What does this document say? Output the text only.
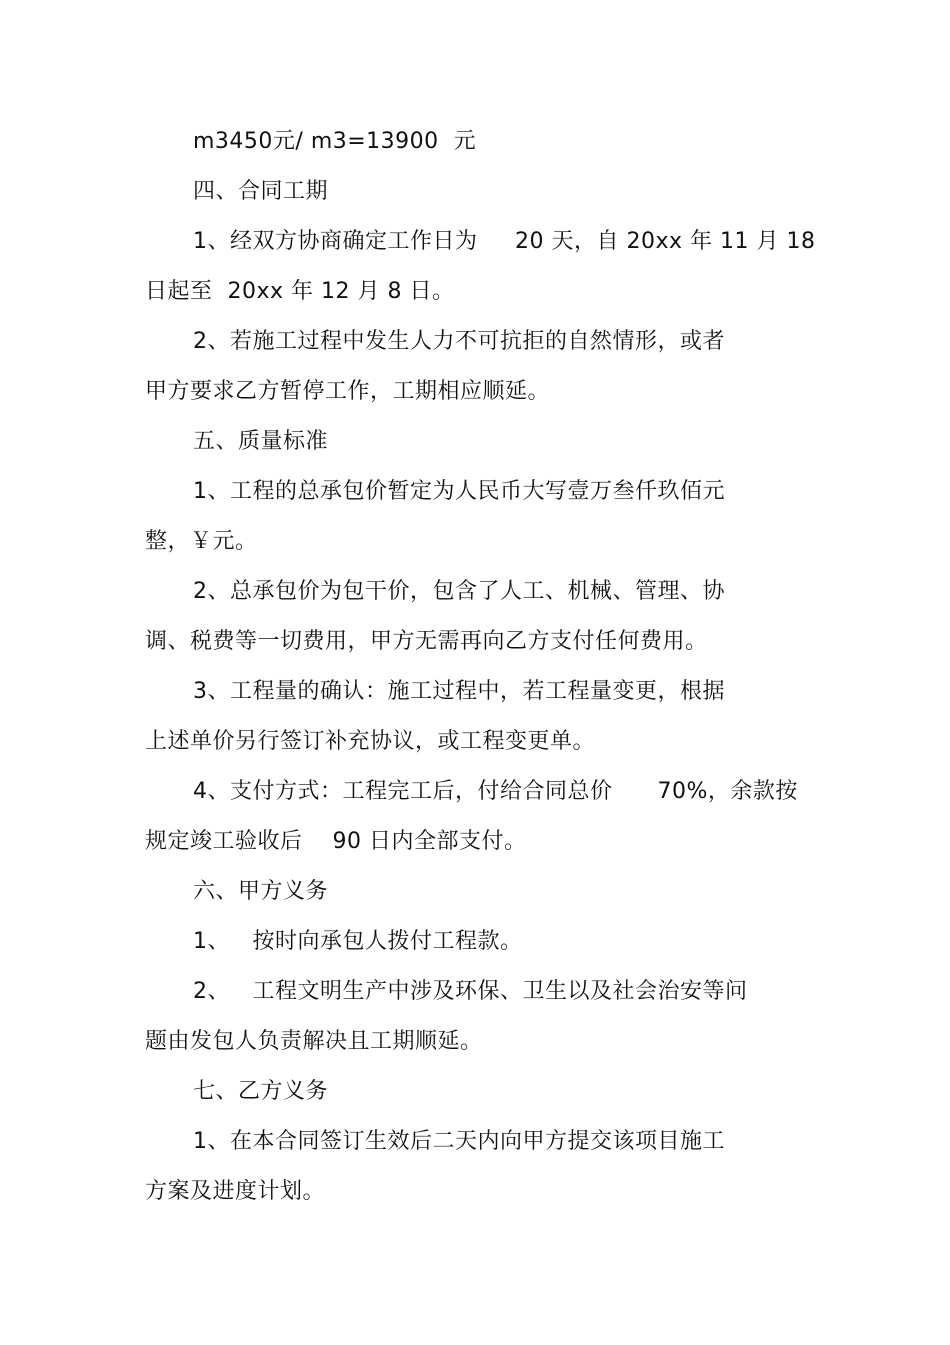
m3450元/ m3=13900  元
四、合同工期
1、经双方协商确定工作日为     20 天，自 20xx 年 11 月 18
日起至  20xx 年 12 月 8 日。
2、若施工过程中发生人力不可抗拒的自然情形，或者
甲方要求乙方暂停工作，工期相应顺延。
五、质量标准
1、工程的总承包价暂定为人民币大写壹万叁仟玖佰元
整，￥元。
2、总承包价为包干价，包含了人工、机械、管理、协
调、税费等一切费用，甲方无需再向乙方支付任何费用。
3、工程量的确认：施工过程中，若工程量变更，根据
上述单价另行签订补充协议，或工程变更单。
4、支付方式：工程完工后，付给合同总价      70%，余款按
规定竣工验收后    90 日内全部支付。
六、甲方义务
1、   按时向承包人拨付工程款。
2、   工程文明生产中涉及环保、卫生以及社会治安等问
题由发包人负责解决且工期顺延。
七、乙方义务
1、在本合同签订生效后二天内向甲方提交该项目施工
方案及进度计划。
